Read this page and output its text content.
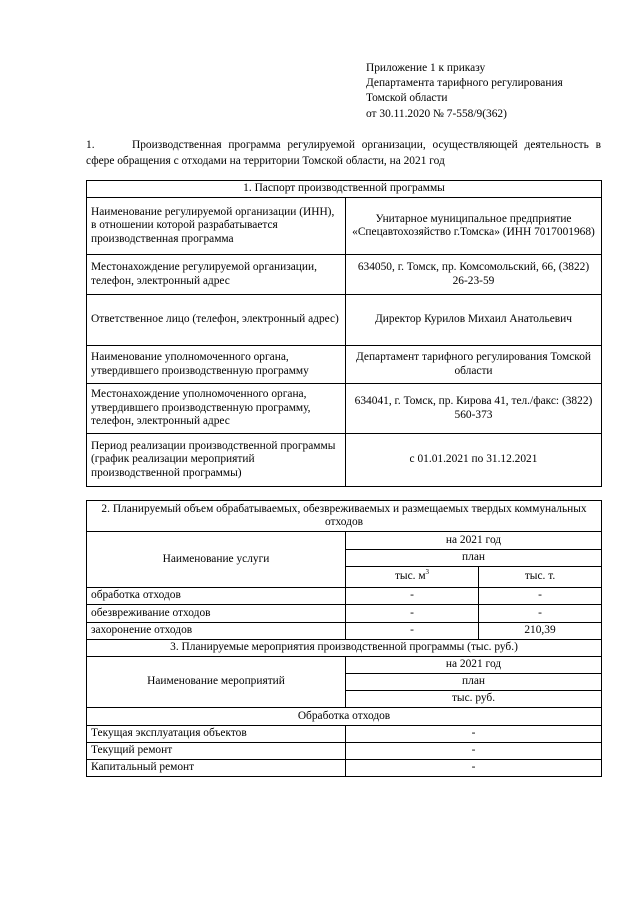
Приложение 1 к приказу
Департамента тарифного регулирования
Томской области
от 30.11.2020 № 7-558/9(362)
1.	Производственная программа регулируемой организации, осуществляющей деятельность в сфере обращения с отходами на территории Томской области, на 2021 год
1. Паспорт производственной программы	
Наименование регулируемой организации (ИНН), в отношении которой разрабатывается производственная программа	Унитарное муниципальное предприятие «Спецавтохозяйство г.Томска» (ИНН 7017001968)
Местонахождение регулируемой организации, телефон, электронный адрес	634050, г. Томск, пр. Комсомольский, 66, (3822) 26-23-59
Ответственное лицо (телефон, электронный адрес)	Директор Курилов Михаил Анатольевич
Наименование уполномоченного органа, утвердившего производственную программу	Департамент тарифного регулирования Томской области
Местонахождение уполномоченного органа, утвердившего производственную программу, телефон, электронный адрес	634041, г. Томск, пр. Кирова 41, тел./факс: (3822) 560-373
Период реализации производственной программы (график реализации мероприятий производственной программы)	с 01.01.2021 по 31.12.2021
2. Планируемый объем обрабатываемых, обезвреживаемых и размещаемых твердых коммунальных отходов		
Наименование услуги	на 2021 год	
	план	
	тыс. $м^3$	тыс. т.
обработка отходов	-	-
обезвреживание отходов	-	-
захоронение отходов	-	210,39
3. Планируемые мероприятия производственной программы (тыс. руб.)		
Наименование мероприятий	на 2021 год	
	план	
	тыс. руб.	
Обработка отходов		
Текущая эксплуатация объектов	-	
Текущий ремонт	-	
Капитальный ремонт	-	
